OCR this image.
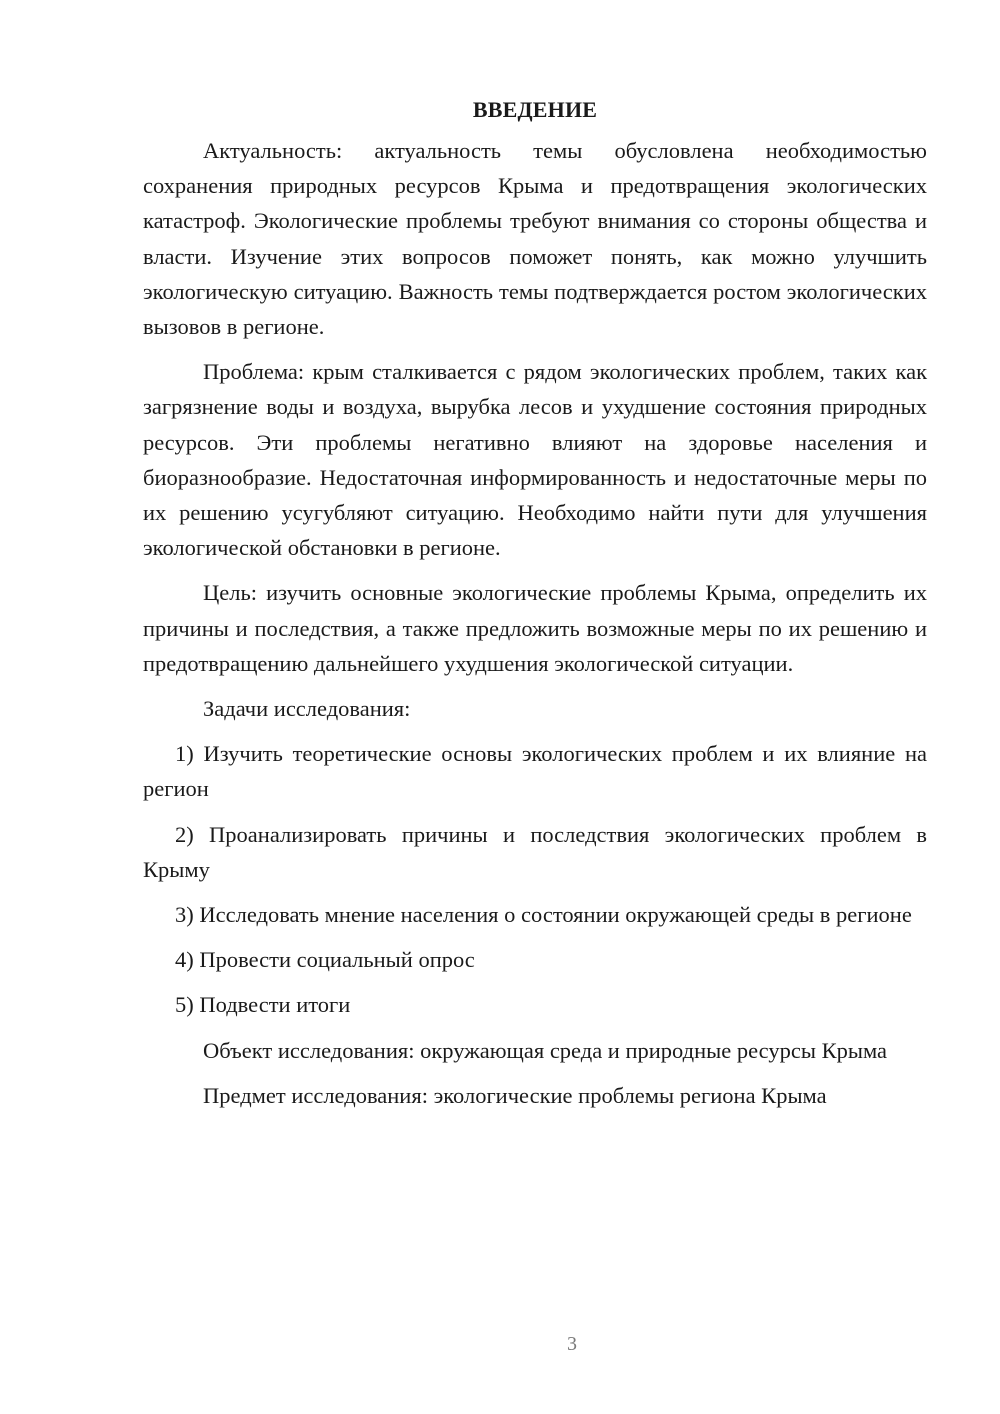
ВВЕДЕНИЕ

Актуальность: актуальность темы обусловлена необходимостью сохранения природных ресурсов Крыма и предотвращения экологических катастроф. Экологические проблемы требуют внимания со стороны общества и власти. Изучение этих вопросов поможет понять, как можно улучшить экологическую ситуацию. Важность темы подтверждается ростом экологических вызовов в регионе.

Проблема: крым сталкивается с рядом экологических проблем, таких как загрязнение воды и воздуха, вырубка лесов и ухудшение состояния природных ресурсов. Эти проблемы негативно влияют на здоровье населения и биоразнообразие. Недостаточная информированность и недостаточные меры по их решению усугубляют ситуацию. Необходимо найти пути для улучшения экологической обстановки в регионе.

Цель: изучить основные экологические проблемы Крыма, определить их причины и последствия, а также предложить возможные меры по их решению и предотвращению дальнейшего ухудшения экологической ситуации.

Задачи исследования:

1) Изучить теоретические основы экологических проблем и их влияние на регион

2) Проанализировать причины и последствия экологических проблем в Крыму

3) Исследовать мнение населения о состоянии окружающей среды в регионе

4) Провести социальный опрос

5) Подвести итоги

Объект исследования: окружающая среда и природные ресурсы Крыма

Предмет исследования: экологические проблемы региона Крыма

3
